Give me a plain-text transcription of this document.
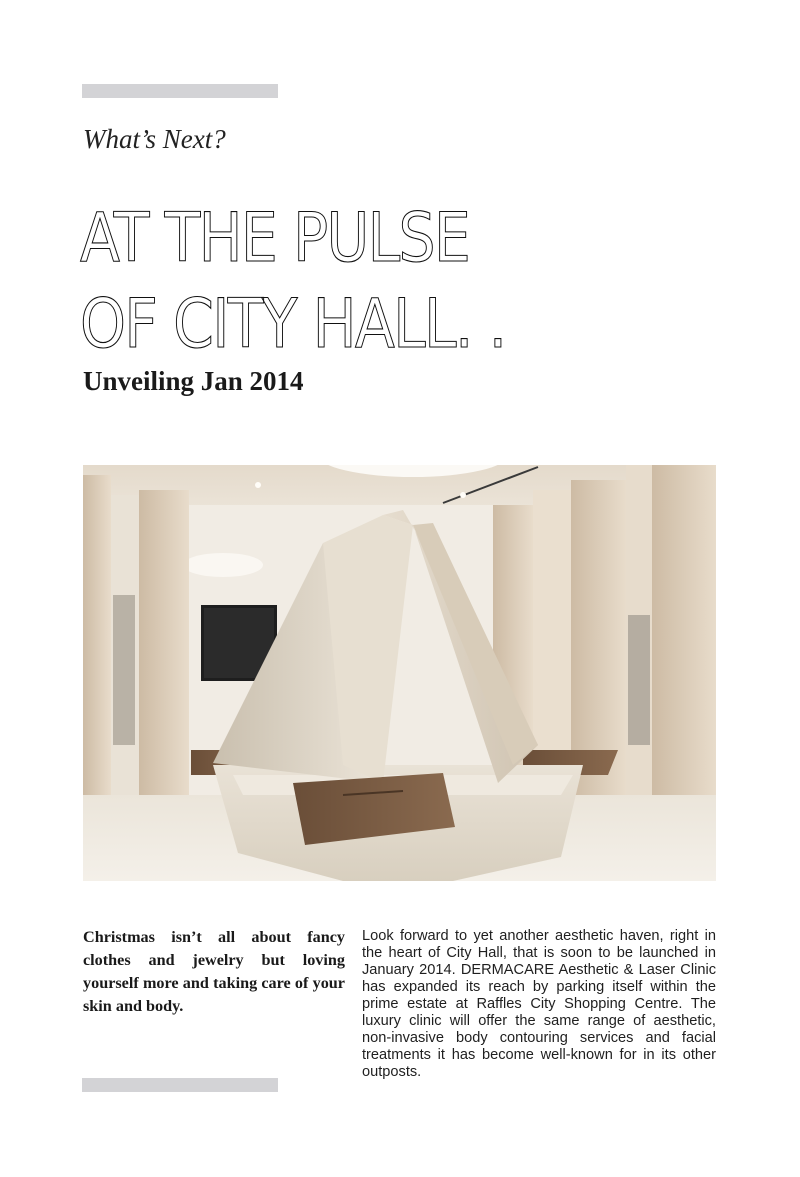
What’s Next?
AT THE PULSE
OF CITY HALL. .
Unveiling Jan 2014
Christmas isn’t all about fancy clothes and jewelry but loving yourself more and taking care of your skin and body.
Look forward to yet another aesthetic haven, right in the heart of City Hall, that is soon to be launched in January 2014. DERMACARE Aesthetic & Laser Clinic has expanded its reach by parking itself within the prime estate at Raffles City Shopping Centre. The luxury clinic will offer the same range of aesthetic, non-invasive body contouring services and facial treatments it has become well-known for in its other outposts.
